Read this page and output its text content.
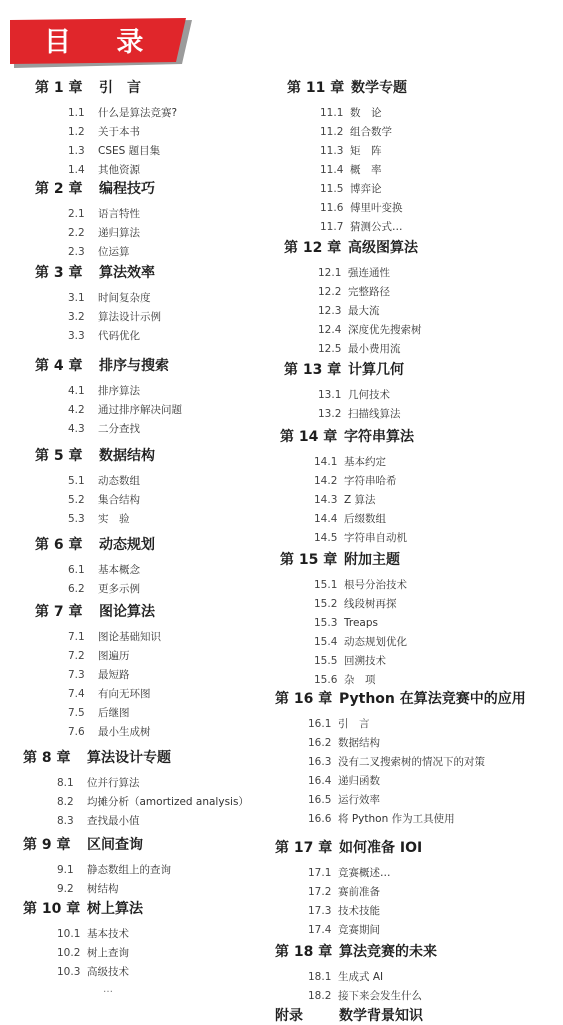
目 录
第 1 章 引　言
1.1 什么是算法竞赛?
1.2 关于本书
1.3 CSES 题目集
1.4 其他资源
第 2 章 编程技巧
2.1 语言特性
2.2 递归算法
2.3 位运算
第 3 章 算法效率
3.1 时间复杂度
3.2 算法设计示例
3.3 代码优化
第 4 章 排序与搜索
4.1 排序算法
4.2 通过排序解决问题
4.3 二分查找
第 5 章 数据结构
5.1 动态数组
5.2 集合结构
5.3 实　验
第 6 章 动态规划
6.1 基本概念
6.2 更多示例
第 7 章 图论算法
7.1 图论基础知识
7.2 图遍历
7.3 最短路
7.4 有向无环图
7.5 后继图
7.6 最小生成树
第 8 章 算法设计专题
8.1 位并行算法
8.2 均摊分析（amortized analysis）
8.3 查找最小值
第 9 章 区间查询
9.1 静态数组上的查询
9.2 树结构
第 10 章 树上算法
10.1 基本技术
10.2 树上查询
10.3 高级技术
…
第 11 章 数学专题
11.1 数　论
11.2 组合数学
11.3 矩　阵
11.4 概　率
11.5 博弈论
11.6 傅里叶变换
11.7 猜测公式…
第 12 章 高级图算法
12.1 强连通性
12.2 完整路径
12.3 最大流
12.4 深度优先搜索树
12.5 最小费用流
第 13 章 计算几何
13.1 几何技术
13.2 扫描线算法
第 14 章 字符串算法
14.1 基本约定
14.2 字符串哈希
14.3 Z 算法
14.4 后缀数组
14.5 字符串自动机
第 15 章 附加主题
15.1 根号分治技术
15.2 线段树再探
15.3 Treaps
15.4 动态规划优化
15.5 回溯技术
15.6 杂　项
第 16 章 Python 在算法竞赛中的应用
16.1 引　言
16.2 数据结构
16.3 没有二叉搜索树的情况下的对策
16.4 递归函数
16.5 运行效率
16.6 将 Python 作为工具使用
第 17 章 如何准备 IOI
17.1 竞赛概述…
17.2 赛前准备
17.3 技术技能
17.4 竞赛期间
第 18 章 算法竞赛的未来
18.1 生成式 AI
18.2 接下来会发生什么
附录	数学背景知识
